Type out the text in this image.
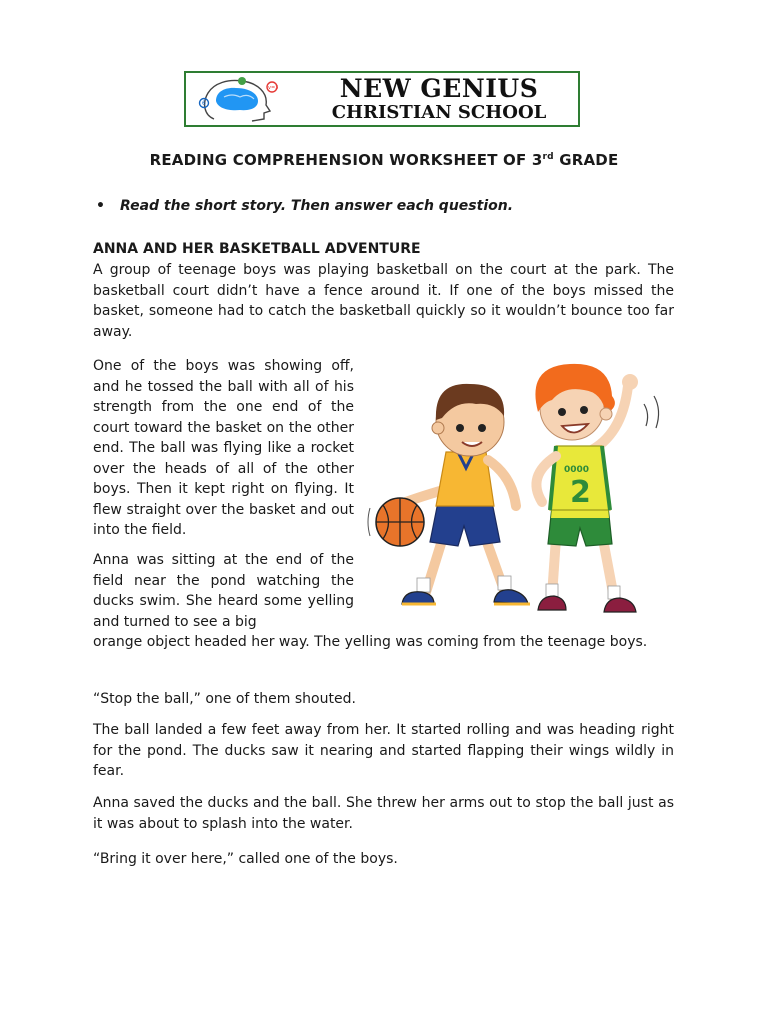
v=3
6
NEW GENIUS
CHRISTIAN SCHOOL
READING COMPREHENSION WORKSHEET OF 3rd GRADE
• Read the short story. Then answer each question.
ANNA AND HER BASKETBALL ADVENTURE

A group of teenage boys was playing basketball on the court at the park. The basketball court didn’t have a fence around it. If one of the boys missed the basket, someone had to catch the basketball quickly so it wouldn’t bounce too far away.

One of the boys was showing off, and he tossed the ball with all of his strength from the one end of the court toward the basket on the other end. The ball was flying like a rocket over the heads of all of the other boys. Then it kept right on flying. It flew straight over the basket and out into the field.

Anna was sitting at the end of the field near the pond watching the ducks swim. She heard some yelling and turned to see a big

orange object headed her way. The yelling was coming from the teenage boys.

“Stop the ball,” one of them shouted.

The ball landed a few feet away from her. It started rolling and was heading right for the pond. The ducks saw it nearing and started flapping their wings wildly in fear.

Anna saved the ducks and the ball. She threw her arms out to stop the ball just as it was about to splash into the water.

“Bring it over here,” called one of the boys.

0000
2
